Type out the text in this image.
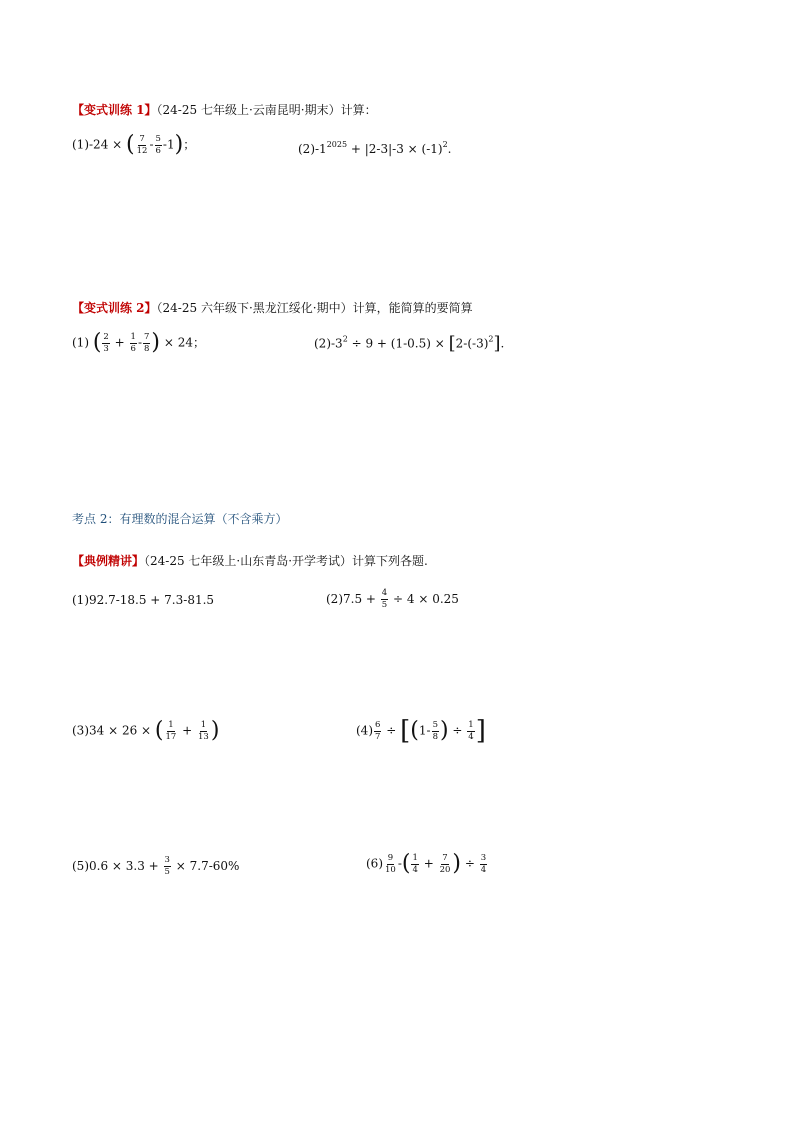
【变式训练 1】（24-25 七年级上·云南昆明·期末）计算：
(1)-24 × ( $\frac{7}{12} - \frac{5}{6} -1$)；	$(2)-1^{2025} + |2-3|-3 \times (-1)^2$.
【变式训练 2】（24-25 六年级下·黑龙江绥化·期中）计算，能简算的要简算
(1) ( $\frac{2}{3} + \frac{1}{6} - \frac{7}{8}$ ) × 24；	$(2)-3^2 \div 9 + (1-0.5) \times [2-(-3)^2]$.
考点 2：有理数的混合运算（不含乘方）
【典例精讲】（24-25 七年级上·山东青岛·开学考试）计算下列各题.
(1)92.7-18.5 + 7.3-81.5	$(2)7.5 + \frac{4}{5} \div 4 \times 0.25$
(3)34 × 26 × ( $\frac{1}{17} + \frac{1}{13}$ )	$(4) \frac{6}{7} \div [(1- \frac{5}{8}$ ) ÷ $\frac{1}{4}$ ]
$(5)0.6 \times 3.3 + \frac{3}{5} \times 7.7-60\%$	$(6) \frac{9}{10}$ -( $\frac{1}{4} + \frac{7}{20}$ ) ÷ $\frac{3}{4}$
